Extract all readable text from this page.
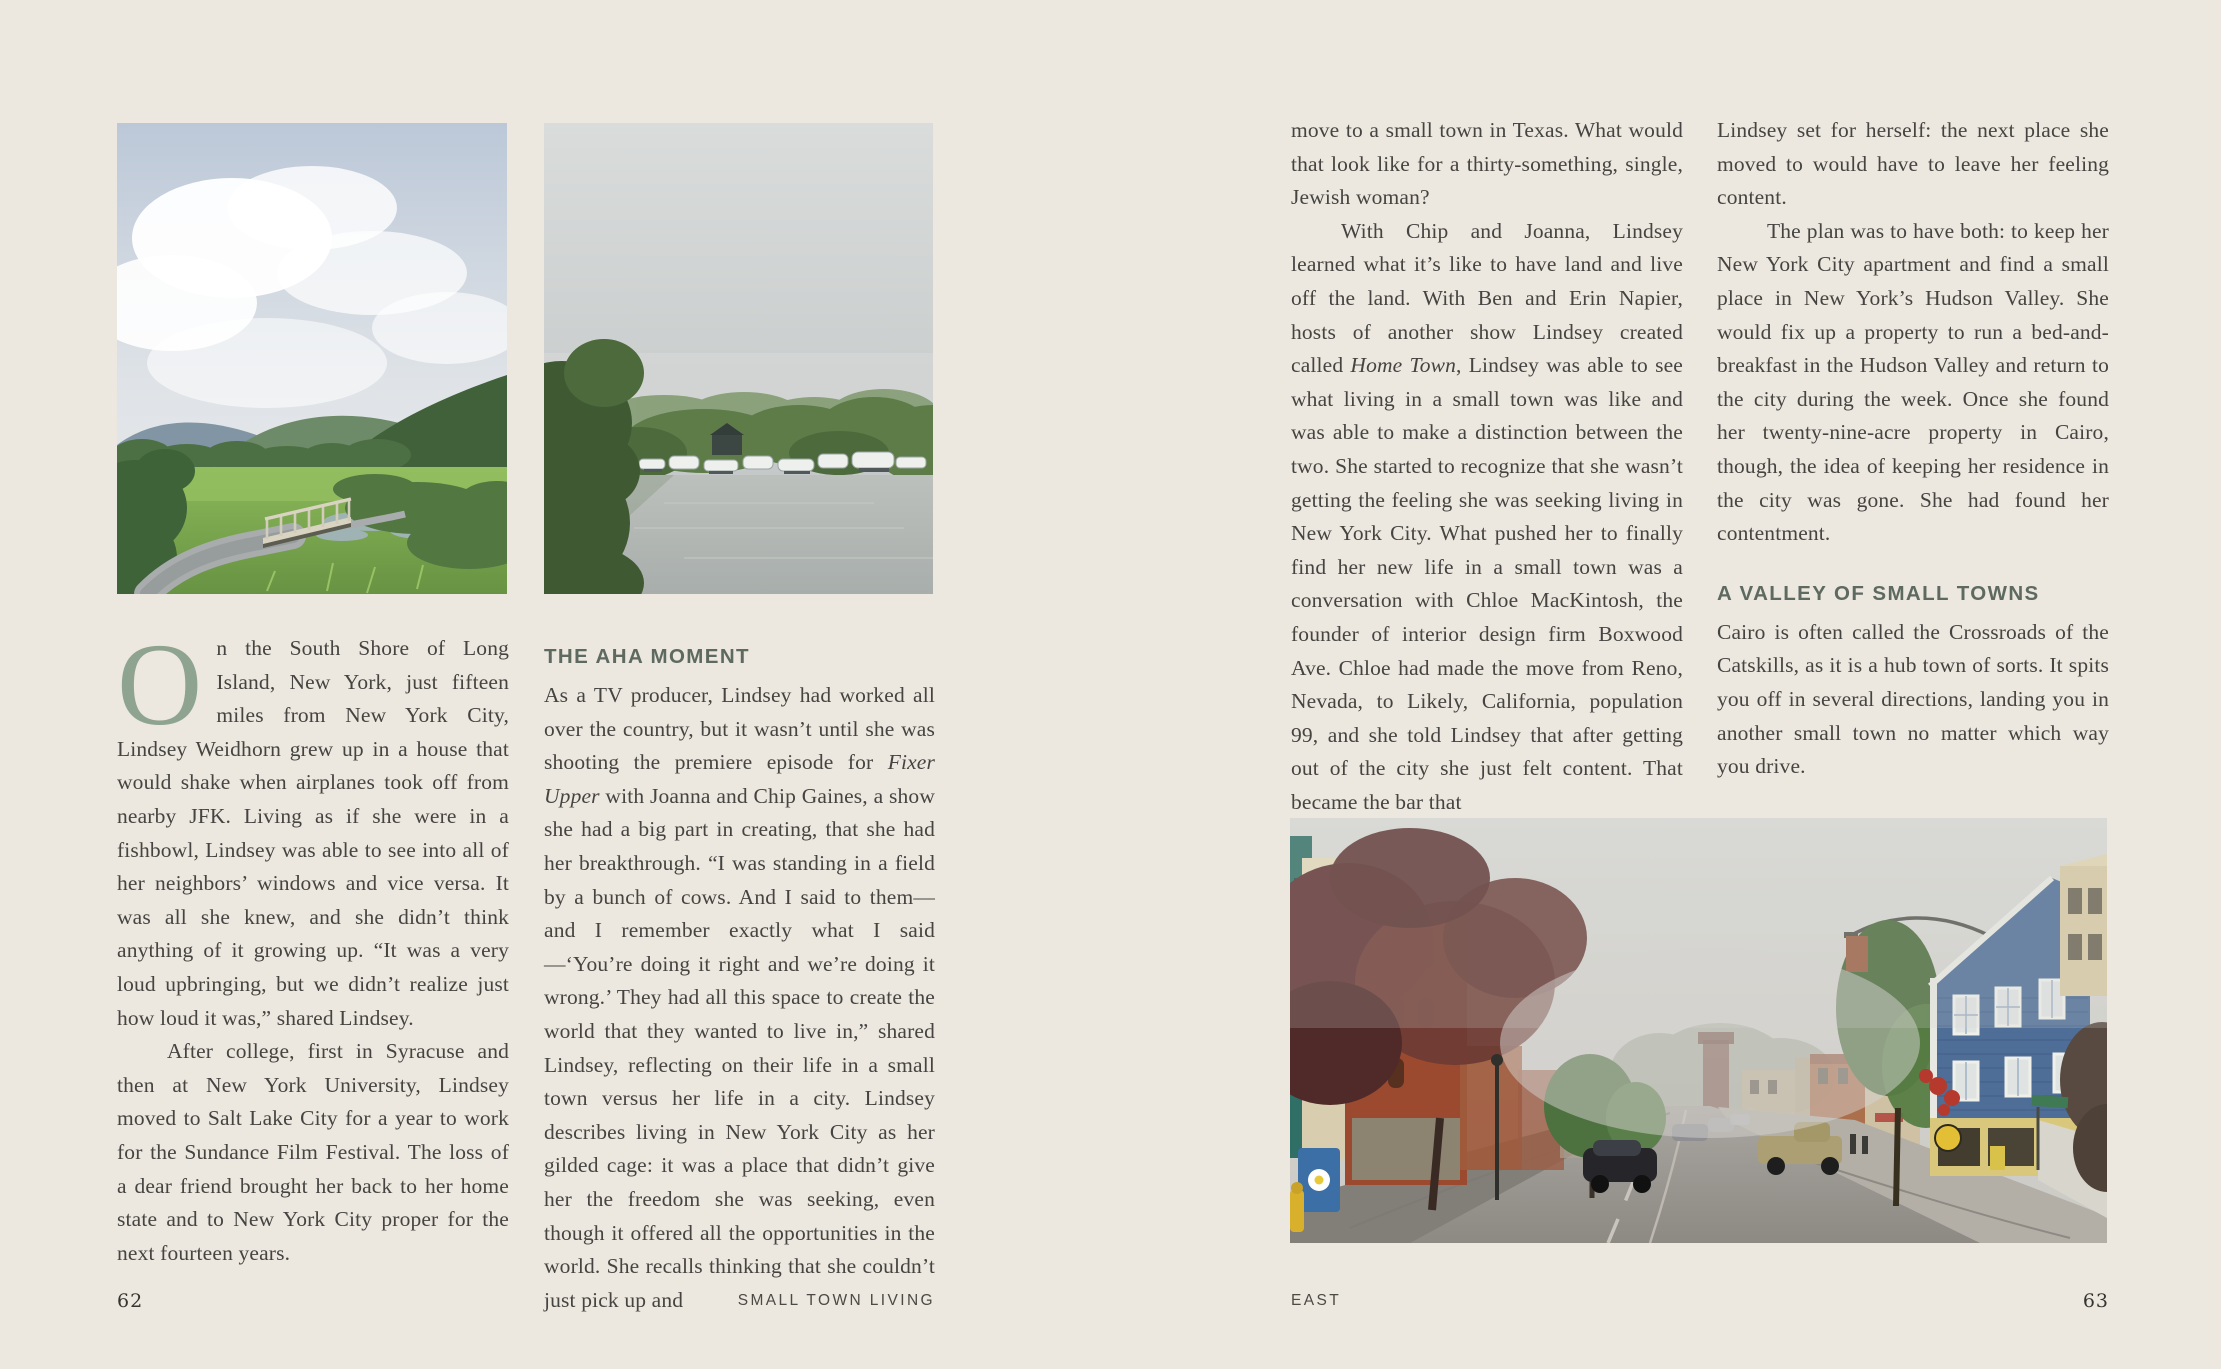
On the South Shore of Long Island, New York, just fifteen miles from New York City, Lindsey Weidhorn grew up in a house that would shake when airplanes took off from nearby JFK. Living as if she were in a fishbowl, Lindsey was able to see into all of her neighbors’ windows and vice versa. It was all she knew, and she didn’t think anything of it growing up. “It was a very loud upbringing, but we didn’t realize just how loud it was,” shared Lindsey.

After college, first in Syracuse and then at New York University, Lindsey moved to Salt Lake City for a year to work for the Sundance Film Festival. The loss of a dear friend brought her back to her home state and to New York City proper for the next fourteen years.

THE AHA MOMENT

As a TV producer, Lindsey had worked all over the country, but it wasn’t until she was shooting the premiere episode for Fixer Upper with Joanna and Chip Gaines, a show she had a big part in creating, that she had her breakthrough. “I was standing in a field by a bunch of cows. And I said to them—and I remember exactly what I said—‘You’re doing it right and we’re doing it wrong.’ They had all this space to create the world that they wanted to live in,” shared Lindsey, reflecting on their life in a small town versus her life in a city. Lindsey describes living in New York City as her gilded cage: it was a place that didn’t give her the freedom she was seeking, even though it offered all the opportunities in the world. She recalls thinking that she couldn’t just pick up and

62	SMALL TOWN LIVING

move to a small town in Texas. What would that look like for a thirty-something, single, Jewish woman?

With Chip and Joanna, Lindsey learned what it’s like to have land and live off the land. With Ben and Erin Napier, hosts of another show Lindsey created called Home Town, Lindsey was able to see what living in a small town was like and was able to make a distinction between the two. She started to recognize that she wasn’t getting the feeling she was seeking living in New York City. What pushed her to finally find her new life in a small town was a conversation with Chloe MacKintosh, the founder of interior design firm Boxwood Ave. Chloe had made the move from Reno, Nevada, to Likely, California, population 99, and she told Lindsey that after getting out of the city she just felt content. That became the bar that

Lindsey set for herself: the next place she moved to would have to leave her feeling content.

The plan was to have both: to keep her New York City apartment and find a small place in New York’s Hudson Valley. She would fix up a property to run a bed-and-breakfast in the Hudson Valley and return to the city during the week. Once she found her twenty-nine-acre property in Cairo, though, the idea of keeping her residence in the city was gone. She had found her contentment.

A VALLEY OF SMALL TOWNS

Cairo is often called the Crossroads of the Catskills, as it is a hub town of sorts. It spits you off in several directions, landing you in another small town no matter which way you drive.

EAST	63
